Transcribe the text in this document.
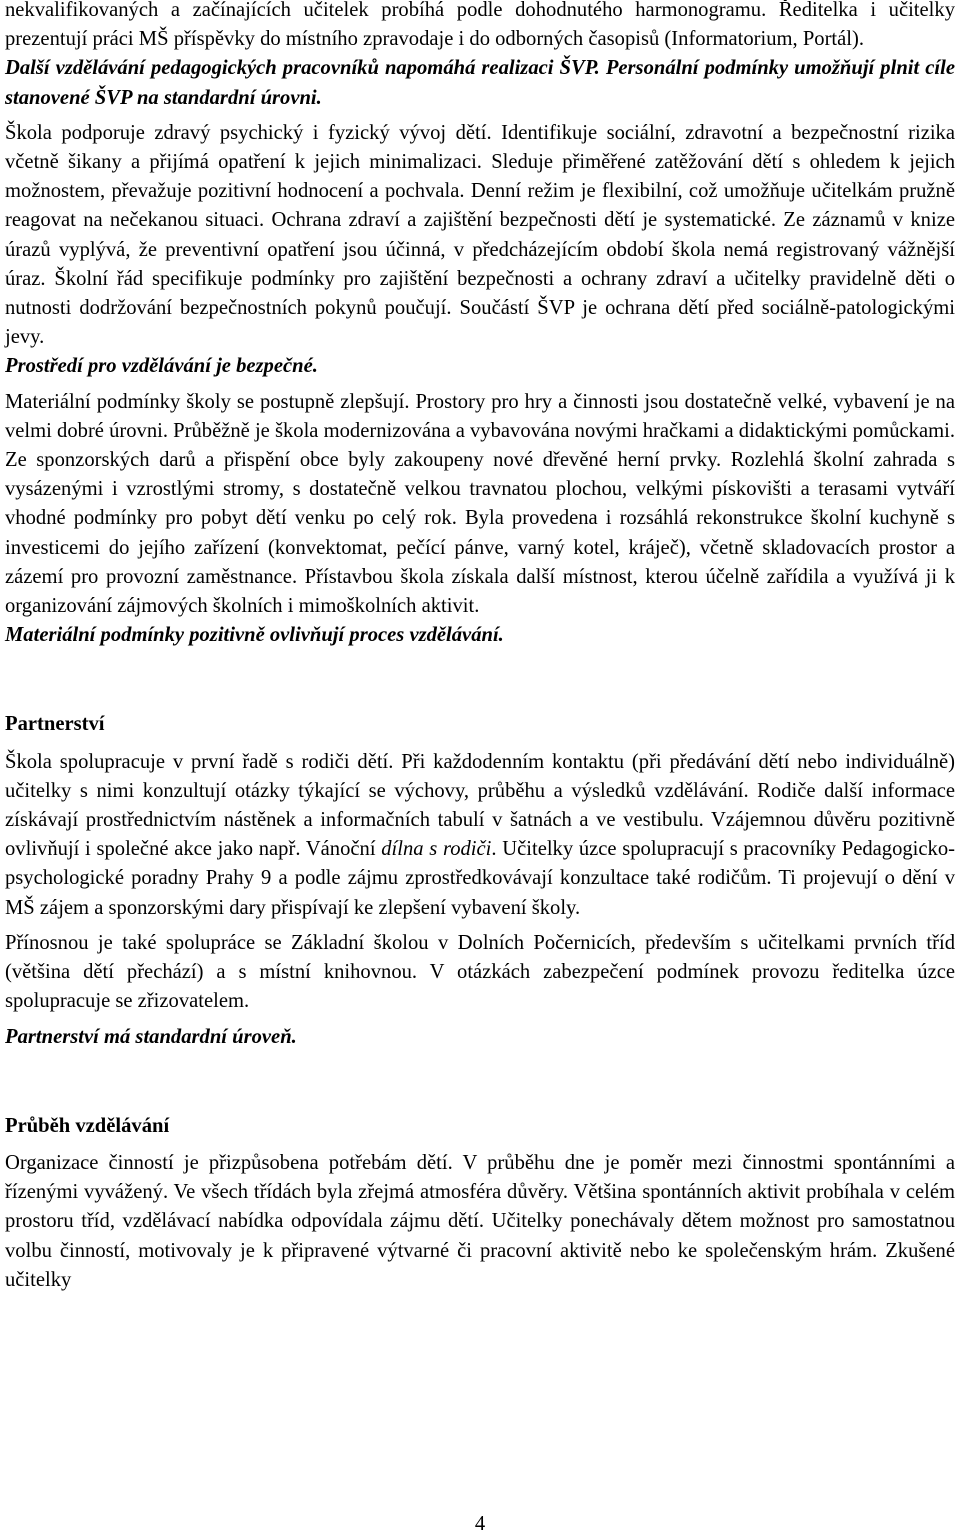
nekvalifikovaných a začínajících učitelek probíhá podle dohodnutého harmonogramu. Ředitelka i učitelky prezentují práci MŠ příspěvky do místního zpravodaje i do odborných časopisů (Informatorium, Portál).

Další vzdělávání pedagogických pracovníků napomáhá realizaci ŠVP. Personální podmínky umožňují plnit cíle stanovené ŠVP na standardní úrovni.

Škola podporuje zdravý psychický i fyzický vývoj dětí. Identifikuje sociální, zdravotní a bezpečnostní rizika včetně šikany a přijímá opatření k jejich minimalizaci. Sleduje přiměřené zatěžování dětí s ohledem k jejich možnostem, převažuje pozitivní hodnocení a pochvala. Denní režim je flexibilní, což umožňuje učitelkám pružně reagovat na nečekanou situaci. Ochrana zdraví a zajištění bezpečnosti dětí je systematické. Ze záznamů v knize úrazů vyplývá, že preventivní opatření jsou účinná, v předcházejícím období škola nemá registrovaný vážnější úraz. Školní řád specifikuje podmínky pro zajištění bezpečnosti a ochrany zdraví a učitelky pravidelně děti o nutnosti dodržování bezpečnostních pokynů poučují. Součástí ŠVP je ochrana dětí před sociálně-patologickými jevy.

Prostředí pro vzdělávání je bezpečné.

Materiální podmínky školy se postupně zlepšují. Prostory pro hry a činnosti jsou dostatečně velké, vybavení je na velmi dobré úrovni. Průběžně je škola modernizována a vybavována novými hračkami a didaktickými pomůckami. Ze sponzorských darů a přispění obce byly zakoupeny nové dřevěné herní prvky. Rozlehlá školní zahrada s vysázenými i vzrostlými stromy, s dostatečně velkou travnatou plochou, velkými pískovišti a terasami vytváří vhodné podmínky pro pobyt dětí venku po celý rok. Byla provedena i rozsáhlá rekonstrukce školní kuchyně s investicemi do jejího zařízení (konvektomat, pečící pánve, varný kotel, kráječ), včetně skladovacích prostor a zázemí pro provozní zaměstnance. Přístavbou škola získala další místnost, kterou účelně zařídila a využívá ji k organizování zájmových školních i mimoškolních aktivit.

Materiální podmínky pozitivně ovlivňují proces vzdělávání.

Partnerství

Škola spolupracuje v první řadě s rodiči dětí. Při každodenním kontaktu (při předávání dětí nebo individuálně) učitelky s nimi konzultují otázky týkající se výchovy, průběhu a výsledků vzdělávání. Rodiče další informace získávají prostřednictvím nástěnek a informačních tabulí v šatnách a ve vestibulu. Vzájemnou důvěru pozitivně ovlivňují i společné akce jako např. Vánoční dílna s rodiči. Učitelky úzce spolupracují s pracovníky Pedagogicko-psychologické poradny Prahy 9 a podle zájmu zprostředkovávají konzultace také rodičům. Ti projevují o dění v MŠ zájem a sponzorskými dary přispívají ke zlepšení vybavení školy.

Přínosnou je také spolupráce se Základní školou v Dolních Počernicích, především s učitelkami prvních tříd (většina dětí přechází) a s místní knihovnou. V otázkách zabezpečení podmínek provozu ředitelka úzce spolupracuje se zřizovatelem.

Partnerství má standardní úroveň.

Průběh vzdělávání

Organizace činností je přizpůsobena potřebám dětí. V průběhu dne je poměr mezi činnostmi spontánními a řízenými vyvážený. Ve všech třídách byla zřejmá atmosféra důvěry. Většina spontánních aktivit probíhala v celém prostoru tříd, vzdělávací nabídka odpovídala zájmu dětí. Učitelky ponechávaly dětem možnost pro samostatnou volbu činností, motivovaly je k připravené výtvarné či pracovní aktivitě nebo ke společenským hrám. Zkušené učitelky

4
